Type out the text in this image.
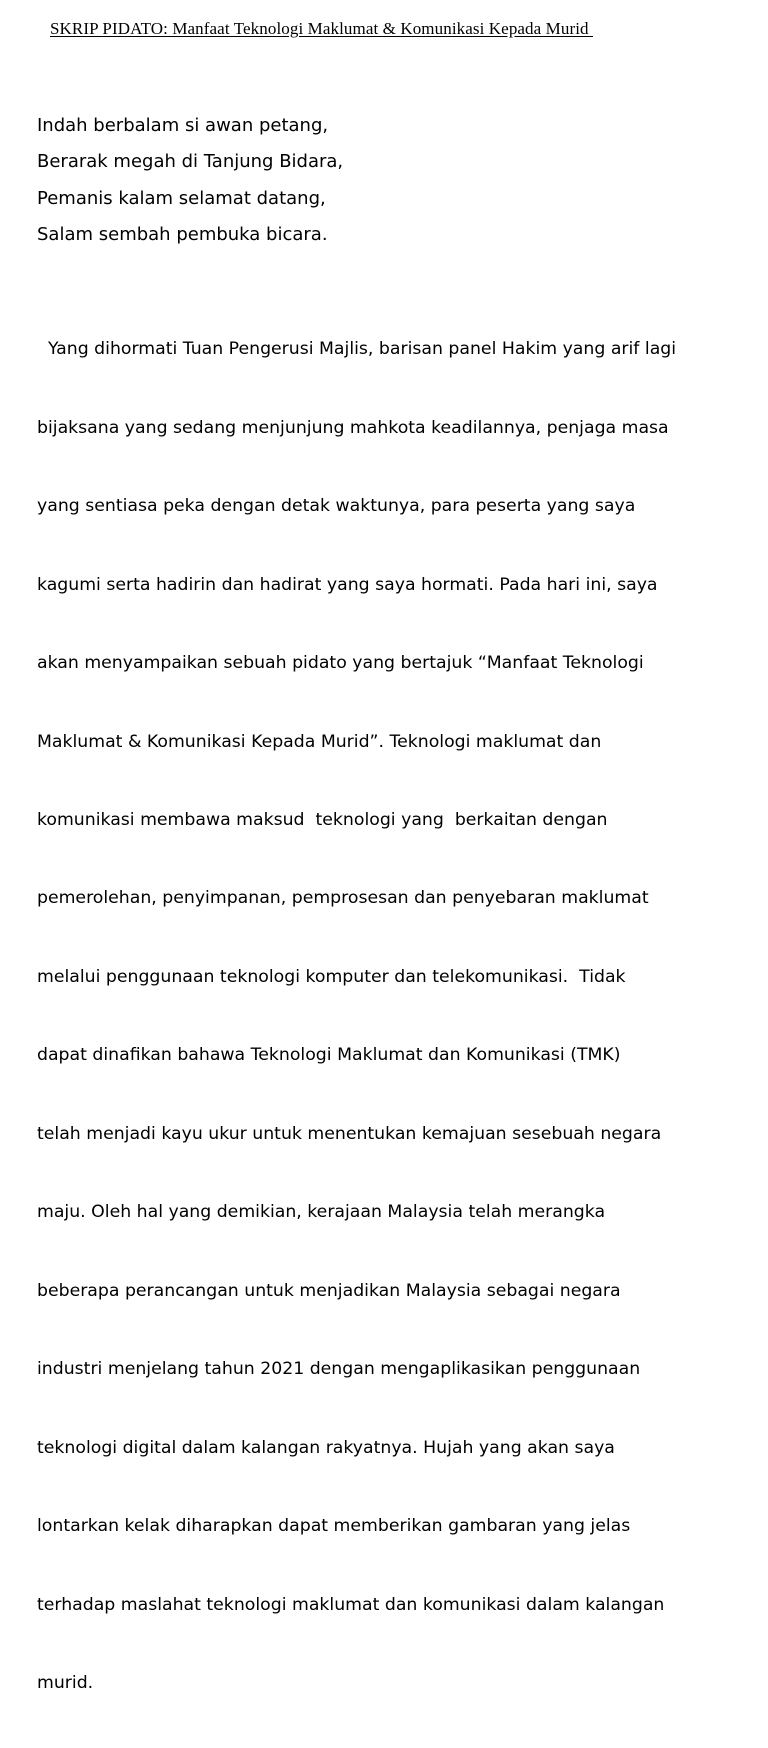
SKRIP PIDATO: Manfaat Teknologi Maklumat & Komunikasi Kepada Murid
Indah berbalam si awan petang,
Berarak megah di Tanjung Bidara,
Pemanis kalam selamat datang,
Salam sembah pembuka bicara.

Yang dihormati Tuan Pengerusi Majlis, barisan panel Hakim yang arif lagi

bijaksana yang sedang menjunjung mahkota keadilannya, penjaga masa

yang sentiasa peka dengan detak waktunya, para peserta yang saya

kagumi serta hadirin dan hadirat yang saya hormati. Pada hari ini, saya

akan menyampaikan sebuah pidato yang bertajuk “Manfaat Teknologi

Maklumat & Komunikasi Kepada Murid”. Teknologi maklumat dan

komunikasi membawa maksud  teknologi yang  berkaitan dengan

pemerolehan, penyimpanan, pemprosesan dan penyebaran maklumat

melalui penggunaan teknologi komputer dan telekomunikasi.  Tidak

dapat dinafikan bahawa Teknologi Maklumat dan Komunikasi (TMK)

telah menjadi kayu ukur untuk menentukan kemajuan sesebuah negara

maju. Oleh hal yang demikian, kerajaan Malaysia telah merangka

beberapa perancangan untuk menjadikan Malaysia sebagai negara

industri menjelang tahun 2021 dengan mengaplikasikan penggunaan

teknologi digital dalam kalangan rakyatnya. Hujah yang akan saya

lontarkan kelak diharapkan dapat memberikan gambaran yang jelas

terhadap maslahat teknologi maklumat dan komunikasi dalam kalangan

murid.
